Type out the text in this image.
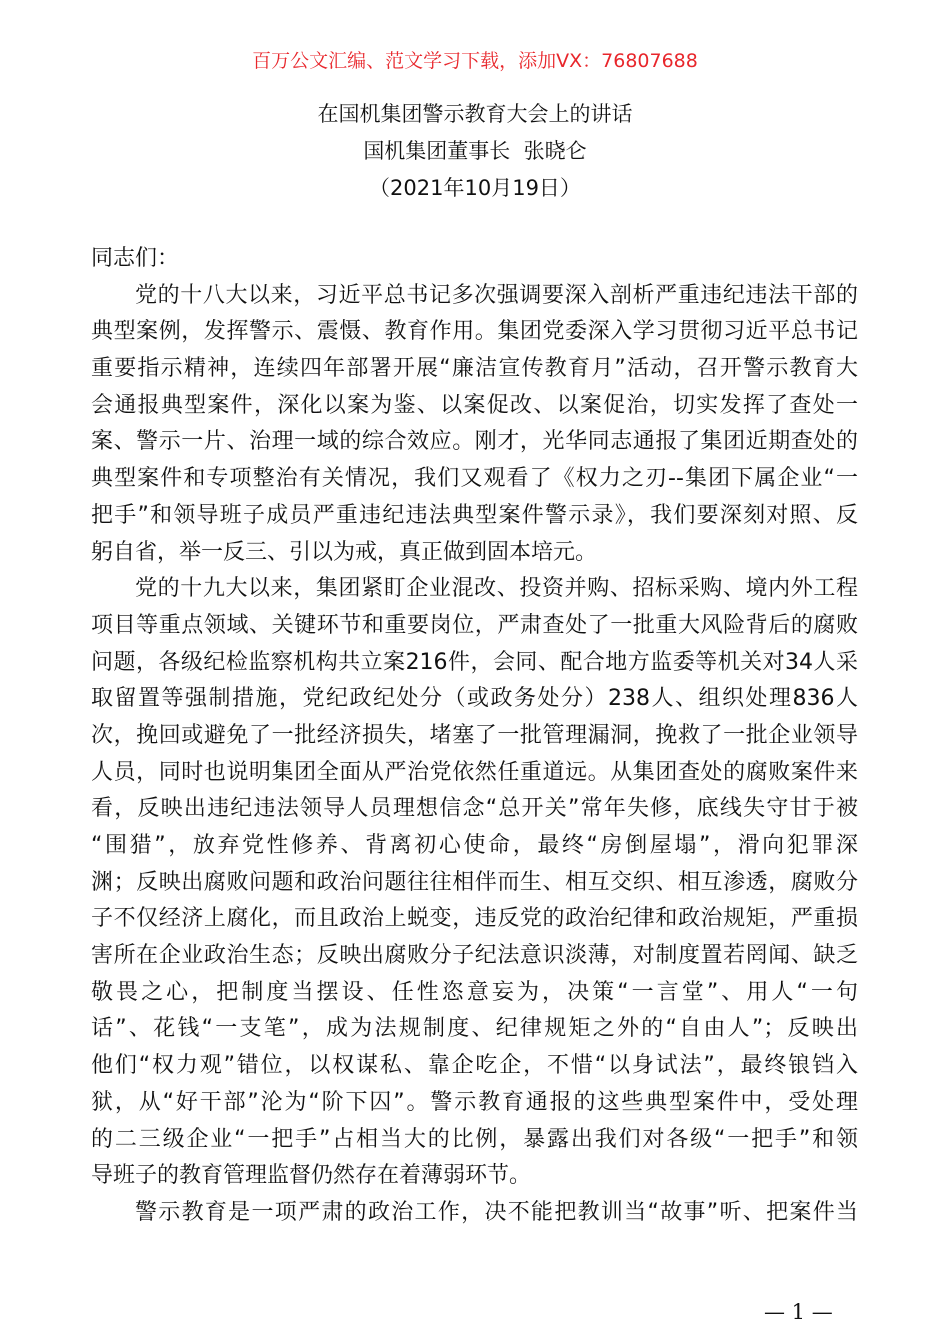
百万公文汇编、范文学习下载，添加VX：76807688
在国机集团警示教育大会上的讲话
国机集团董事长  张晓仑
（2021年10月19日）
同志们：
党的十八大以来，习近平总书记多次强调要深入剖析严重违纪违法干部的
典型案例，发挥警示、震慑、教育作用。集团党委深入学习贯彻习近平总书记
重要指示精神，连续四年部署开展“廉洁宣传教育月”活动，召开警示教育大
会通报典型案件，深化以案为鉴、以案促改、以案促治，切实发挥了查处一
案、警示一片、治理一域的综合效应。刚才，光华同志通报了集团近期查处的
典型案件和专项整治有关情况，我们又观看了《权力之刃--集团下属企业“一
把手”和领导班子成员严重违纪违法典型案件警示录》，我们要深刻对照、反
躬自省，举一反三、引以为戒，真正做到固本培元。
党的十九大以来，集团紧盯企业混改、投资并购、招标采购、境内外工程
项目等重点领域、关键环节和重要岗位，严肃查处了一批重大风险背后的腐败
问题，各级纪检监察机构共立案216件，会同、配合地方监委等机关对34人采
取留置等强制措施，党纪政纪处分（或政务处分）238人、组织处理836人
次，挽回或避免了一批经济损失，堵塞了一批管理漏洞，挽救了一批企业领导
人员，同时也说明集团全面从严治党依然任重道远。从集团查处的腐败案件来
看，反映出违纪违法领导人员理想信念“总开关”常年失修，底线失守甘于被
“围猎”，放弃党性修养、背离初心使命，最终“房倒屋塌”，滑向犯罪深
渊；反映出腐败问题和政治问题往往相伴而生、相互交织、相互渗透，腐败分
子不仅经济上腐化，而且政治上蜕变，违反党的政治纪律和政治规矩，严重损
害所在企业政治生态；反映出腐败分子纪法意识淡薄，对制度置若罔闻、缺乏
敬畏之心，把制度当摆设、任性恣意妄为，决策“一言堂”、用人“一句
话”、花钱“一支笔”，成为法规制度、纪律规矩之外的“自由人”；反映出
他们“权力观”错位，以权谋私、靠企吃企，不惜“以身试法”，最终锒铛入
狱，从“好干部”沦为“阶下囚”。警示教育通报的这些典型案件中，受处理
的二三级企业“一把手”占相当大的比例，暴露出我们对各级“一把手”和领
导班子的教育管理监督仍然存在着薄弱环节。
警示教育是一项严肃的政治工作，决不能把教训当“故事”听、把案件当
— 1 —
